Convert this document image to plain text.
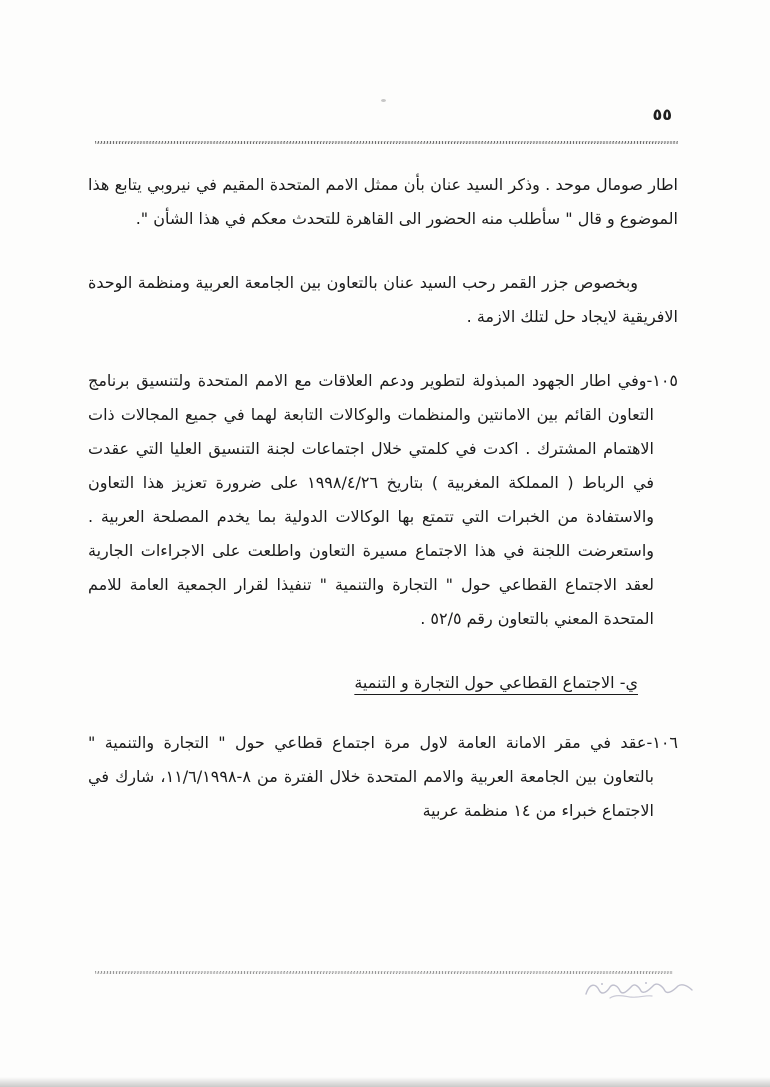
٥٥

اطار صومال موحد . وذكر السيد عنان بأن ممثل الامم المتحدة المقيم في نيروبي يتابع هذا الموضوع و قال " سأطلب منه الحضور الى القاهرة للتحدث معكم في هذا الشأن ".

وبخصوص جزر القمر رحب السيد عنان بالتعاون بين الجامعة العربية ومنظمة الوحدة الافريقية لايجاد حل لتلك الازمة .

١٠٥-وفي اطار الجهود المبذولة لتطوير ودعم العلاقات مع الامم المتحدة ولتنسيق برنامج التعاون القائم بين الامانتين والمنظمات والوكالات التابعة لهما في جميع المجالات ذات الاهتمام المشترك . اكدت في كلمتي خلال اجتماعات لجنة التنسيق العليا التي عقدت في الرباط ( المملكة المغربية ) بتاريخ ١٩٩٨/٤/٢٦ على ضرورة تعزيز هذا التعاون والاستفادة من الخبرات التي تتمتع بها الوكالات الدولية بما يخدم المصلحة العربية . واستعرضت اللجنة في هذا الاجتماع مسيرة التعاون واطلعت على الاجراءات الجارية لعقد الاجتماع القطاعي حول " التجارة والتنمية " تنفيذا لقرار الجمعية العامة للامم المتحدة المعني بالتعاون رقم ٥٢/٥ .

ي- الاجتماع القطاعي حول التجارة و التنمية

١٠٦-عقد في مقر الامانة العامة لاول مرة اجتماع قطاعي حول " التجارة والتنمية " بالتعاون بين الجامعة العربية والامم المتحدة خلال الفترة من ٨-١١/٦/١٩٩٨، شارك في الاجتماع خبراء من ١٤ منظمة عربية
